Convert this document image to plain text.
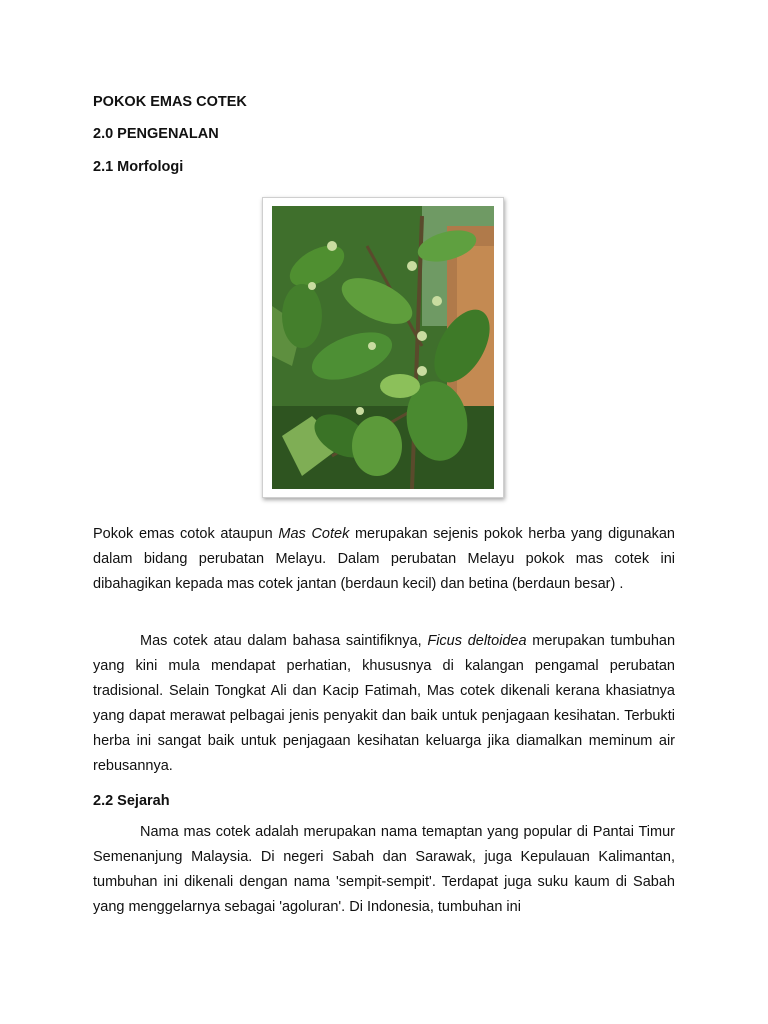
POKOK EMAS COTEK
2.0 PENGENALAN
2.1 Morfologi

Pokok emas cotok ataupun Mas Cotek merupakan sejenis pokok herba yang digunakan dalam bidang perubatan Melayu. Dalam perubatan Melayu pokok mas cotek ini dibahagikan kepada mas cotek jantan (berdaun kecil) dan betina (berdaun besar) .

Mas cotek atau dalam bahasa saintifiknya, Ficus deltoidea merupakan tumbuhan yang kini mula mendapat perhatian, khususnya di kalangan pengamal perubatan tradisional. Selain Tongkat Ali dan Kacip Fatimah, Mas cotek dikenali kerana khasiatnya yang dapat merawat pelbagai jenis penyakit dan baik untuk penjagaan kesihatan. Terbukti herba ini sangat baik untuk penjagaan kesihatan keluarga jika diamalkan meminum air rebusannya.

2.2 Sejarah

Nama mas cotek adalah merupakan nama temaptan yang popular di Pantai Timur Semenanjung Malaysia. Di negeri Sabah dan Sarawak, juga Kepulauan Kalimantan, tumbuhan ini dikenali dengan nama 'sempit-sempit'. Terdapat juga suku kaum di Sabah yang menggelarnya sebagai 'agoluran'. Di Indonesia, tumbuhan ini
